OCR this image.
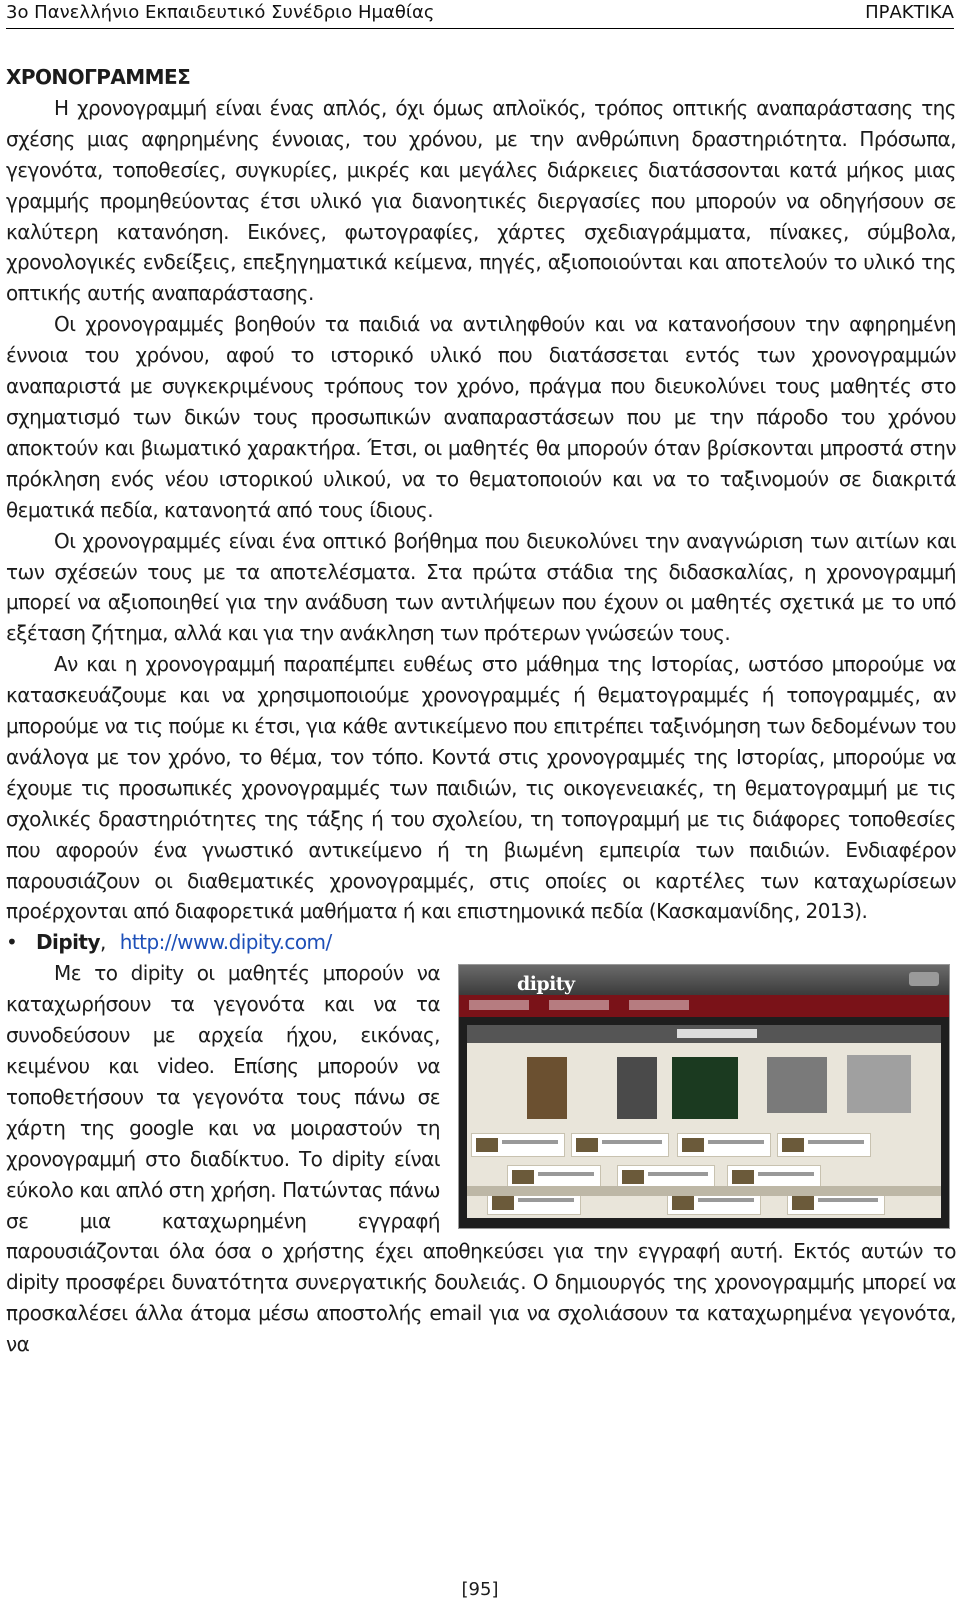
3ο Πανελλήνιο Εκπαιδευτικό Συνέδριο Ημαθίας	ΠΡΑΚΤΙΚΑ
ΧΡΟΝΟΓΡΑΜΜΕΣ

Η χρονογραμμή είναι ένας απλός, όχι όμως απλοϊκός, τρόπος οπτικής αναπαράστασης της σχέσης μιας αφηρημένης έννοιας, του χρόνου, με την ανθρώπινη δραστηριότητα. Πρόσωπα, γεγονότα, τοποθεσίες, συγκυρίες, μικρές και μεγάλες διάρκειες διατάσσονται κατά μήκος μιας γραμμής προμηθεύοντας έτσι υλικό για διανοητικές διεργασίες που μπορούν να οδηγήσουν σε καλύτερη κατανόηση. Εικόνες, φωτογραφίες, χάρτες σχεδιαγράμματα, πίνακες, σύμβολα, χρονολογικές ενδείξεις, επεξηγηματικά κείμενα, πηγές, αξιοποιούνται και αποτελούν το υλικό της οπτικής αυτής αναπαράστασης.

Οι χρονογραμμές βοηθούν τα παιδιά να αντιληφθούν και να κατανοήσουν την αφηρημένη έννοια του χρόνου, αφού το ιστορικό υλικό που διατάσσεται εντός των χρονογραμμών αναπαριστά με συγκεκριμένους τρόπους τον χρόνο, πράγμα που διευκολύνει τους μαθητές στο σχηματισμό των δικών τους προσωπικών αναπαραστάσεων που με την πάροδο του χρόνου αποκτούν και βιωματικό χαρακτήρα. Έτσι, οι μαθητές θα μπορούν όταν βρίσκονται μπροστά στην πρόκληση ενός νέου ιστορικού υλικού, να το θεματοποιούν και να το ταξινομούν σε διακριτά θεματικά πεδία, κατανοητά από τους ίδιους.

Οι χρονογραμμές είναι ένα οπτικό βοήθημα που διευκολύνει την αναγνώριση των αιτίων και των σχέσεών τους με τα αποτελέσματα. Στα πρώτα στάδια της διδασκαλίας, η χρονογραμμή μπορεί να αξιοποιηθεί για την ανάδυση των αντιλήψεων που έχουν οι μαθητές σχετικά με το υπό εξέταση ζήτημα, αλλά και για την ανάκληση των πρότερων γνώσεών τους.

Αν και η χρονογραμμή παραπέμπει ευθέως στο μάθημα της Ιστορίας, ωστόσο μπορούμε να κατασκευάζουμε και να χρησιμοποιούμε χρονογραμμές ή θεματογραμμές ή τοπογραμμές, αν μπορούμε να τις πούμε κι έτσι, για κάθε αντικείμενο που επιτρέπει ταξινόμηση των δεδομένων του ανάλογα με τον χρόνο, το θέμα, τον τόπο. Κοντά στις χρονογραμμές της Ιστορίας, μπορούμε να έχουμε τις προσωπικές χρονογραμμές των παιδιών, τις οικογενειακές, τη θεματογραμμή με τις σχολικές δραστηριότητες της τάξης ή του σχολείου, τη τοπογραμμή με τις διάφορες τοποθεσίες που αφορούν ένα γνωστικό αντικείμενο ή τη βιωμένη εμπειρία των παιδιών. Ενδιαφέρον παρουσιάζουν οι διαθεματικές χρονογραμμές, στις οποίες οι καρτέλες των καταχωρίσεων προέρχονται από διαφορετικά μαθήματα ή και επιστημονικά πεδία (Κασκαμανίδης, 2013).

• Dipity, http://www.dipity.com/

dipity
Με το dipity οι μαθητές μπορούν να καταχωρήσουν τα γεγονότα και να τα συνοδεύσουν με αρχεία ήχου, εικόνας, κειμένου και video. Επίσης μπορούν να τοποθετήσουν τα γεγονότα τους πάνω σε χάρτη της google και να μοιραστούν τη χρονογραμμή στο διαδίκτυο. Το dipity είναι εύκολο και απλό στη χρήση. Πατώντας πάνω σε μια καταχωρημένη εγγραφή παρουσιάζονται όλα όσα ο χρήστης έχει αποθηκεύσει για την εγγραφή αυτή. Εκτός αυτών το dipity προσφέρει δυνατότητα συνεργατικής δουλειάς. Ο δημιουργός της χρονογραμμής μπορεί να προσκαλέσει άλλα άτομα μέσω αποστολής email για να σχολιάσουν τα καταχωρημένα γεγονότα, να

[95]
